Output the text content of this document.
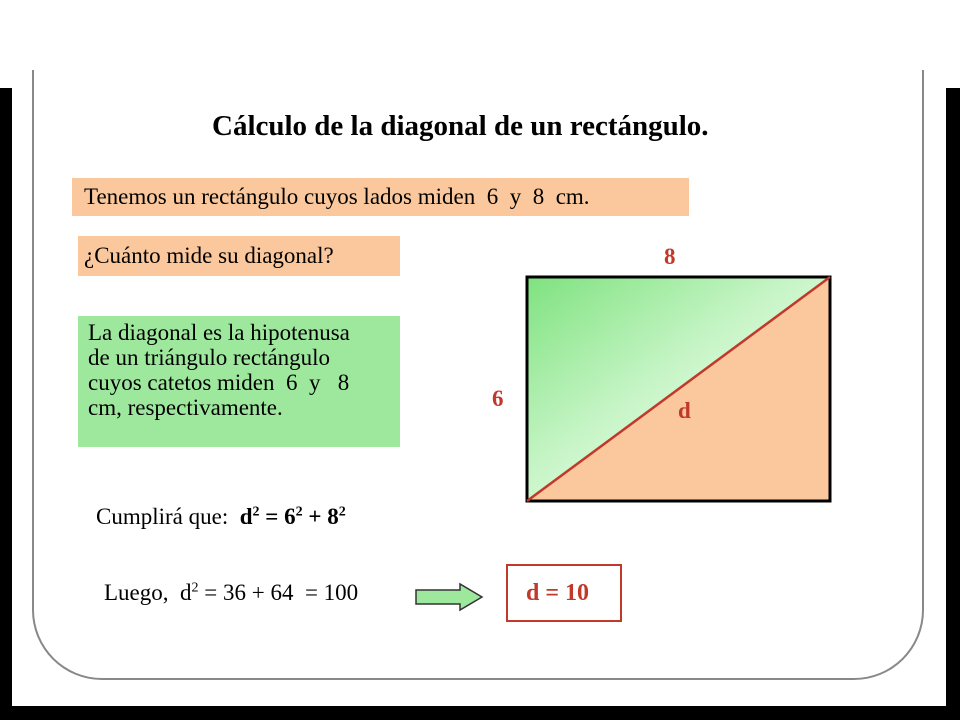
Cálculo de la diagonal de un rectángulo.
Tenemos un rectángulo cuyos lados miden  6  y  8  cm.
¿Cuánto mide su diagonal?
La diagonal es la hipotenusa
de un triángulo rectángulo
cuyos catetos miden  6  y   8
cm, respectivamente.
8
6	d
Cumplirá que:  $d^2 = 6^2 + 8^2$
Luego,  $d^2 = 36 + 64 = 100$	d = 10
